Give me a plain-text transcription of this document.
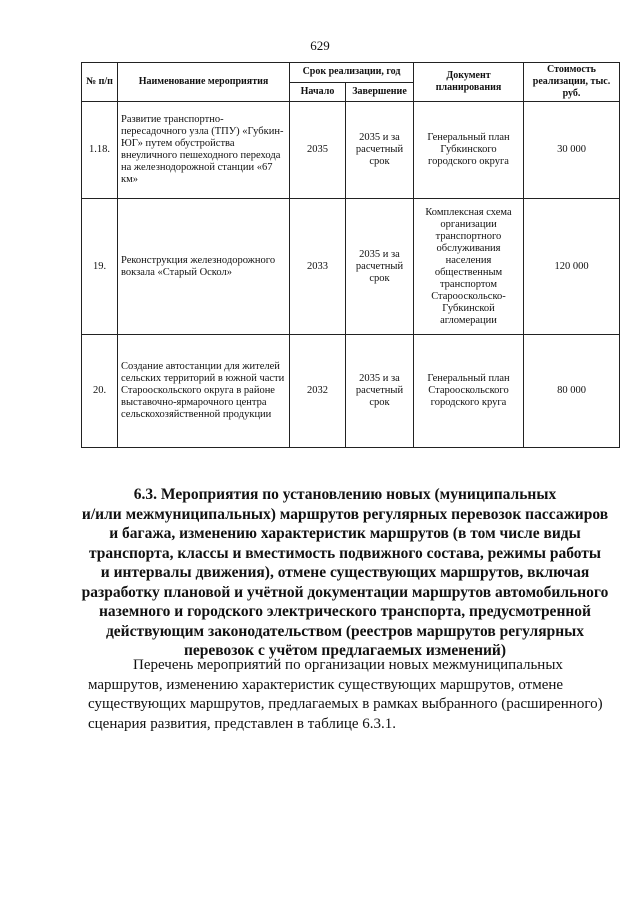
629
№ п/п	Наименование мероприятия	Срок реализации, год		Документ планирования	Стоимость реализации, тыс. руб.
		Начало	Завершение		
1.18.	Развитие транспортно-пересадочного узла (ТПУ) «Губкин-ЮГ» путем обустройства внеуличного пешеходного перехода на железнодорожной станции «67 км»	2035	2035 и за расчетный срок	Генеральный план Губкинского городского округа	30 000
19.	Реконструкция железнодорожного вокзала «Старый Оскол»	2033	2035 и за расчетный срок	Комплексная схема организации транспортного обслуживания населения общественным транспортом Старооскольско-Губкинской агломерации	120 000
20.	Создание автостанции для жителей сельских территорий в южной части Старооскольского округа в районе выставочно-ярмарочного центра сельскохозяйственной продукции	2032	2035 и за расчетный срок	Генеральный план Старооскольского городского круга	80 000
6.3. Мероприятия по установлению новых (муниципальных
и/или межмуниципальных) маршрутов регулярных перевозок пассажиров
и багажа, изменению характеристик маршрутов (в том числе виды
транспорта, классы и вместимость подвижного состава, режимы работы
и интервалы движения), отмене существующих маршрутов, включая
разработку плановой и учётной документации маршрутов автомобильного
наземного и городского электрического транспорта, предусмотренной
действующим законодательством (реестров маршрутов регулярных
перевозок с учётом предлагаемых изменений)
Перечень мероприятий по организации новых межмуниципальных
маршрутов, изменению характеристик существующих маршрутов, отмене
существующих маршрутов, предлагаемых в рамках выбранного (расширенного)
сценария развития, представлен в таблице 6.3.1.
